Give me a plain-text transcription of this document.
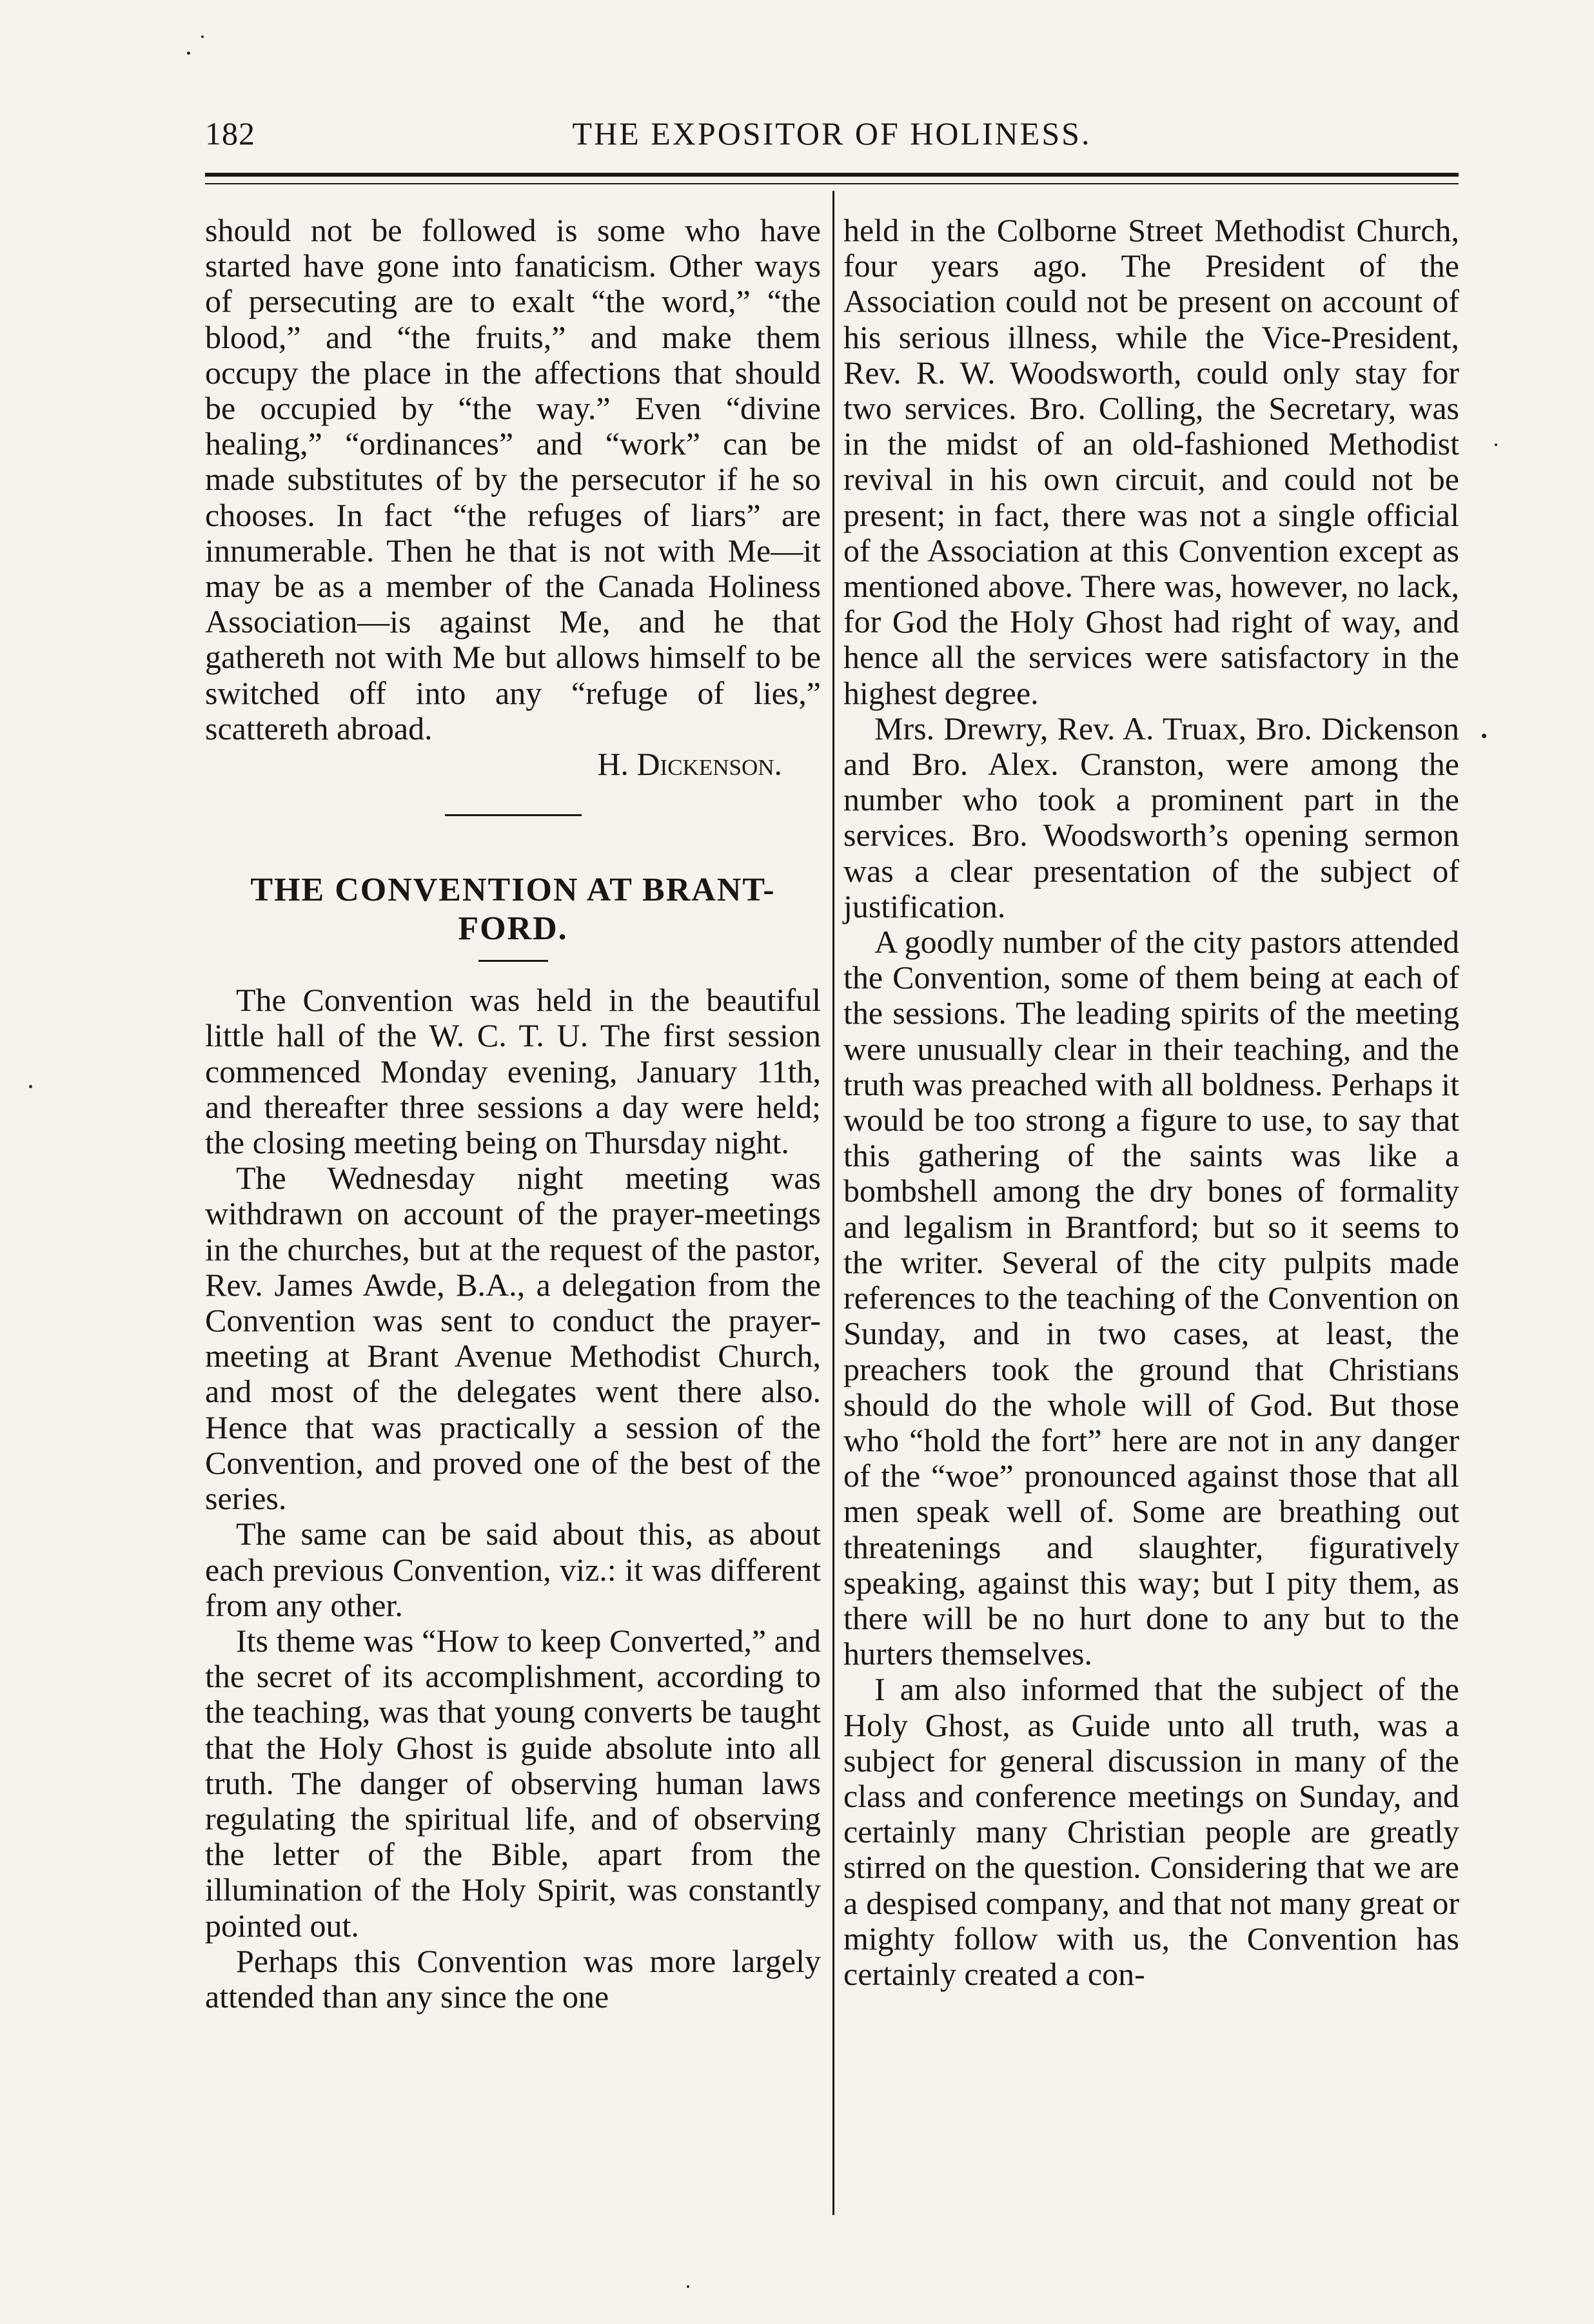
182	THE EXPOSITOR OF HOLINESS.

should not be followed is some who have started have gone into fanaticism. Other ways of persecuting are to exalt “the word,” “the blood,” and “the fruits,” and make them occupy the place in the affections that should be occupied by “the way.” Even “divine healing,” “ordinances” and “work” can be made substitutes of by the persecutor if he so chooses. In fact “the refuges of liars” are innumerable. Then he that is not with Me—it may be as a member of the Canada Holiness Association—is against Me, and he that gathereth not with Me but allows himself to be switched off into any “refuge of lies,” scattereth abroad.

H. Dickenson.

THE CONVENTION AT BRANT-
FORD.

The Convention was held in the beautiful little hall of the W. C. T. U. The first session commenced Monday evening, January 11th, and thereafter three sessions a day were held; the closing meeting being on Thursday night.

The Wednesday night meeting was withdrawn on account of the prayer-meetings in the churches, but at the request of the pastor, Rev. James Awde, B.A., a delegation from the Convention was sent to conduct the prayer-meeting at Brant Avenue Methodist Church, and most of the delegates went there also. Hence that was practically a session of the Convention, and proved one of the best of the series.

The same can be said about this, as about each previous Convention, viz.: it was different from any other.

Its theme was “How to keep Converted,” and the secret of its accomplishment, according to the teaching, was that young converts be taught that the Holy Ghost is guide absolute into all truth. The danger of observing human laws regulating the spiritual life, and of observing the letter of the Bible, apart from the illumination of the Holy Spirit, was constantly pointed out.

Perhaps this Convention was more largely attended than any since the one

held in the Colborne Street Methodist Church, four years ago. The President of the Association could not be present on account of his serious illness, while the Vice-President, Rev. R. W. Woodsworth, could only stay for two services. Bro. Colling, the Secretary, was in the midst of an old-fashioned Methodist revival in his own circuit, and could not be present; in fact, there was not a single official of the Association at this Convention except as mentioned above. There was, however, no lack, for God the Holy Ghost had right of way, and hence all the services were satisfactory in the highest degree.

Mrs. Drewry, Rev. A. Truax, Bro. Dickenson and Bro. Alex. Cranston, were among the number who took a prominent part in the services. Bro. Woodsworth’s opening sermon was a clear presentation of the subject of justification.

A goodly number of the city pastors attended the Convention, some of them being at each of the sessions. The leading spirits of the meeting were unusually clear in their teaching, and the truth was preached with all boldness. Perhaps it would be too strong a figure to use, to say that this gathering of the saints was like a bombshell among the dry bones of formality and legalism in Brantford; but so it seems to the writer. Several of the city pulpits made references to the teaching of the Convention on Sunday, and in two cases, at least, the preachers took the ground that Christians should do the whole will of God. But those who “hold the fort” here are not in any danger of the “woe” pronounced against those that all men speak well of. Some are breathing out threatenings and slaughter, figuratively speaking, against this way; but I pity them, as there will be no hurt done to any but to the hurters themselves.

I am also informed that the subject of the Holy Ghost, as Guide unto all truth, was a subject for general discussion in many of the class and conference meetings on Sunday, and certainly many Christian people are greatly stirred on the question. Considering that we are a despised company, and that not many great or mighty follow with us, the Convention has certainly created a con-
